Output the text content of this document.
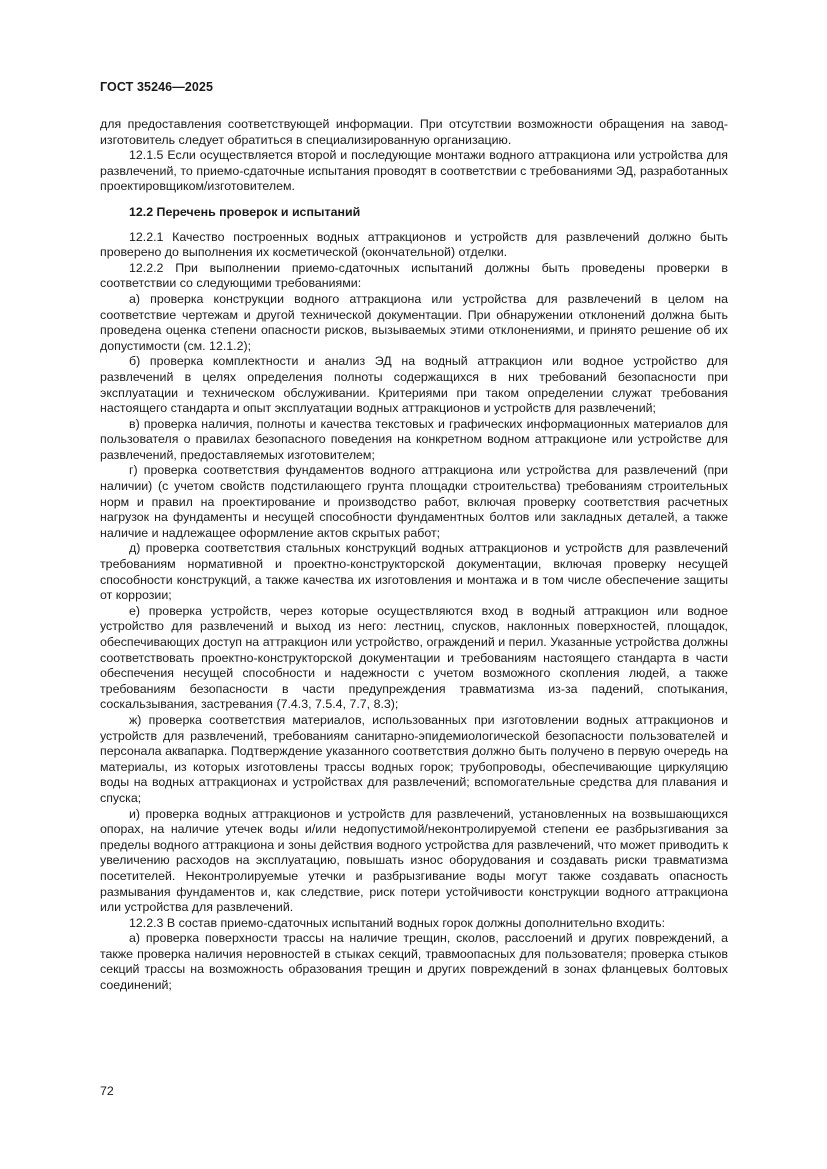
ГОСТ 35246—2025

для предоставления соответствующей информации. При отсутствии возможности обращения на завод-изготовитель следует обратиться в специализированную организацию.

12.1.5 Если осуществляется второй и последующие монтажи водного аттракциона или устройства для развлечений, то приемо-сдаточные испытания проводят в соответствии с требованиями ЭД, разработанных проектировщиком/изготовителем.

12.2 Перечень проверок и испытаний

12.2.1 Качество построенных водных аттракционов и устройств для развлечений должно быть проверено до выполнения их косметической (окончательной) отделки.

12.2.2 При выполнении приемо-сдаточных испытаний должны быть проведены проверки в соответствии со следующими требованиями:

а) проверка конструкции водного аттракциона или устройства для развлечений в целом на соответствие чертежам и другой технической документации. При обнаружении отклонений должна быть проведена оценка степени опасности рисков, вызываемых этими отклонениями, и принято решение об их допустимости (см. 12.1.2);

б) проверка комплектности и анализ ЭД на водный аттракцион или водное устройство для развлечений в целях определения полноты содержащихся в них требований безопасности при эксплуатации и техническом обслуживании. Критериями при таком определении служат требования настоящего стандарта и опыт эксплуатации водных аттракционов и устройств для развлечений;

в) проверка наличия, полноты и качества текстовых и графических информационных материалов для пользователя о правилах безопасного поведения на конкретном водном аттракционе или устройстве для развлечений, предоставляемых изготовителем;

г) проверка соответствия фундаментов водного аттракциона или устройства для развлечений (при наличии) (с учетом свойств подстилающего грунта площадки строительства) требованиям строительных норм и правил на проектирование и производство работ, включая проверку соответствия расчетных нагрузок на фундаменты и несущей способности фундаментных болтов или закладных деталей, а также наличие и надлежащее оформление актов скрытых работ;

д) проверка соответствия стальных конструкций водных аттракционов и устройств для развлечений требованиям нормативной и проектно-конструкторской документации, включая проверку несущей способности конструкций, а также качества их изготовления и монтажа и в том числе обеспечение защиты от коррозии;

е) проверка устройств, через которые осуществляются вход в водный аттракцион или водное устройство для развлечений и выход из него: лестниц, спусков, наклонных поверхностей, площадок, обеспечивающих доступ на аттракцион или устройство, ограждений и перил. Указанные устройства должны соответствовать проектно-конструкторской документации и требованиям настоящего стандарта в части обеспечения несущей способности и надежности с учетом возможного скопления людей, а также требованиям безопасности в части предупреждения травматизма из-за падений, спотыкания, соскальзывания, застревания (7.4.3, 7.5.4, 7.7, 8.3);

ж) проверка соответствия материалов, использованных при изготовлении водных аттракционов и устройств для развлечений, требованиям санитарно-эпидемиологической безопасности пользователей и персонала аквапарка. Подтверждение указанного соответствия должно быть получено в первую очередь на материалы, из которых изготовлены трассы водных горок; трубопроводы, обеспечивающие циркуляцию воды на водных аттракционах и устройствах для развлечений; вспомогательные средства для плавания и спуска;

и) проверка водных аттракционов и устройств для развлечений, установленных на возвышающихся опорах, на наличие утечек воды и/или недопустимой/неконтролируемой степени ее разбрызгивания за пределы водного аттракциона и зоны действия водного устройства для развлечений, что может приводить к увеличению расходов на эксплуатацию, повышать износ оборудования и создавать риски травматизма посетителей. Неконтролируемые утечки и разбрызгивание воды могут также создавать опасность размывания фундаментов и, как следствие, риск потери устойчивости конструкции водного аттракциона или устройства для развлечений.

12.2.3 В состав приемо-сдаточных испытаний водных горок должны дополнительно входить:

а) проверка поверхности трассы на наличие трещин, сколов, расслоений и других повреждений, а также проверка наличия неровностей в стыках секций, травмоопасных для пользователя; проверка стыков секций трассы на возможность образования трещин и других повреждений в зонах фланцевых болтовых соединений;

72
